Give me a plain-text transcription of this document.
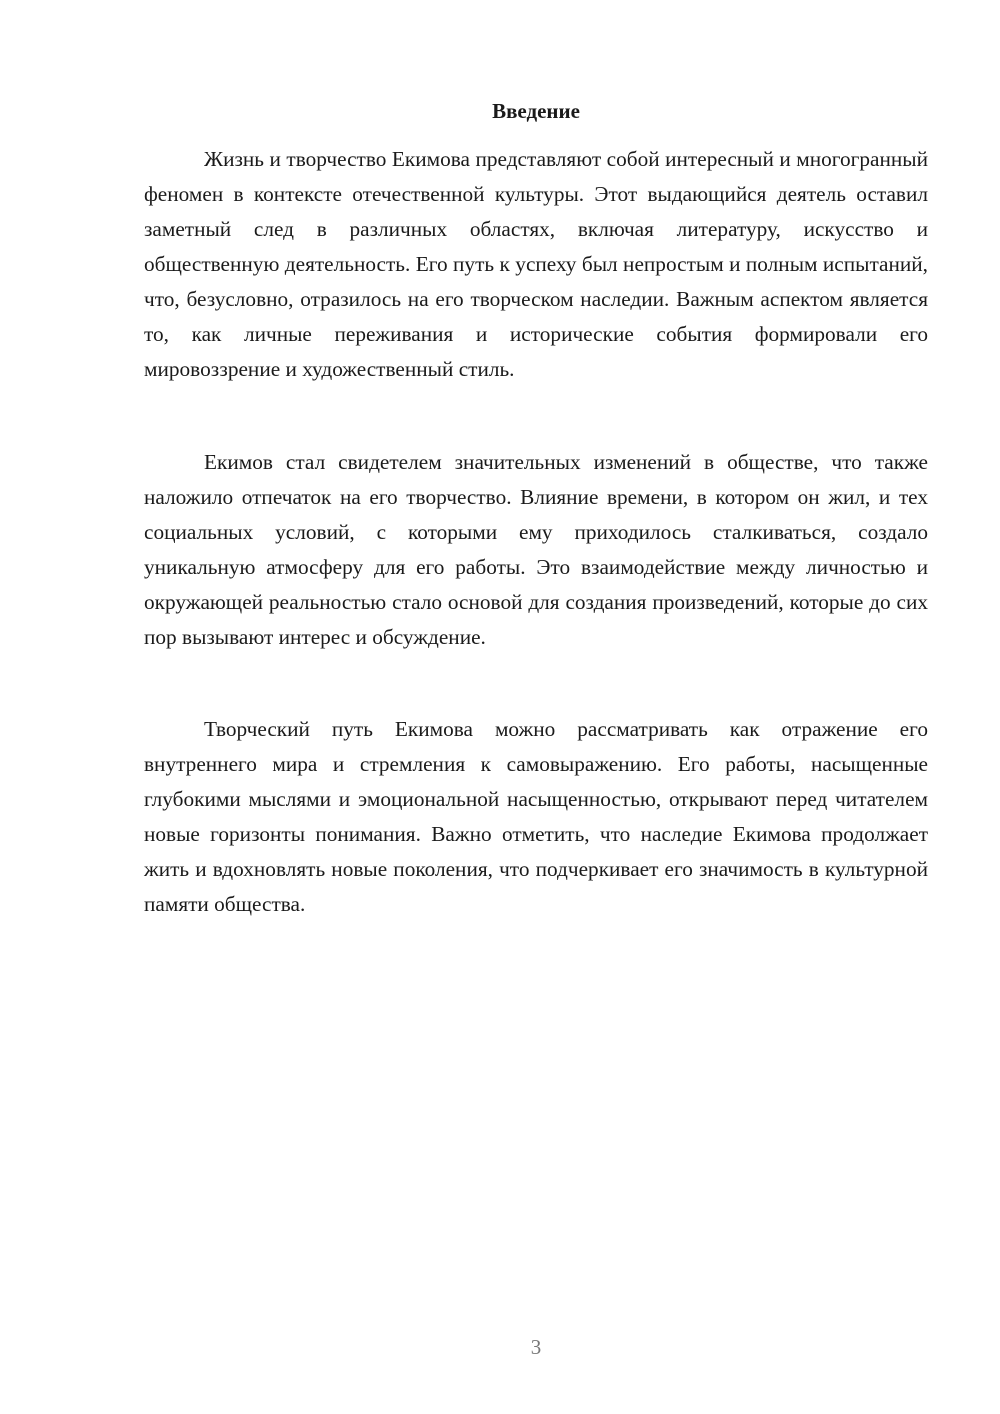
Введение

Жизнь и творчество Екимова представляют собой интересный и многогранный феномен в контексте отечественной культуры. Этот выдающийся деятель оставил заметный след в различных областях, включая литературу, искусство и общественную деятельность. Его путь к успеху был непростым и полным испытаний, что, безусловно, отразилось на его творческом наследии. Важным аспектом является то, как личные переживания и исторические события формировали его мировоззрение и художественный стиль.

Екимов стал свидетелем значительных изменений в обществе, что также наложило отпечаток на его творчество. Влияние времени, в котором он жил, и тех социальных условий, с которыми ему приходилось сталкиваться, создало уникальную атмосферу для его работы. Это взаимодействие между личностью и окружающей реальностью стало основой для создания произведений, которые до сих пор вызывают интерес и обсуждение.

Творческий путь Екимова можно рассматривать как отражение его внутреннего мира и стремления к самовыражению. Его работы, насыщенные глубокими мыслями и эмоциональной насыщенностью, открывают перед читателем новые горизонты понимания. Важно отметить, что наследие Екимова продолжает жить и вдохновлять новые поколения, что подчеркивает его значимость в культурной памяти общества.

3
